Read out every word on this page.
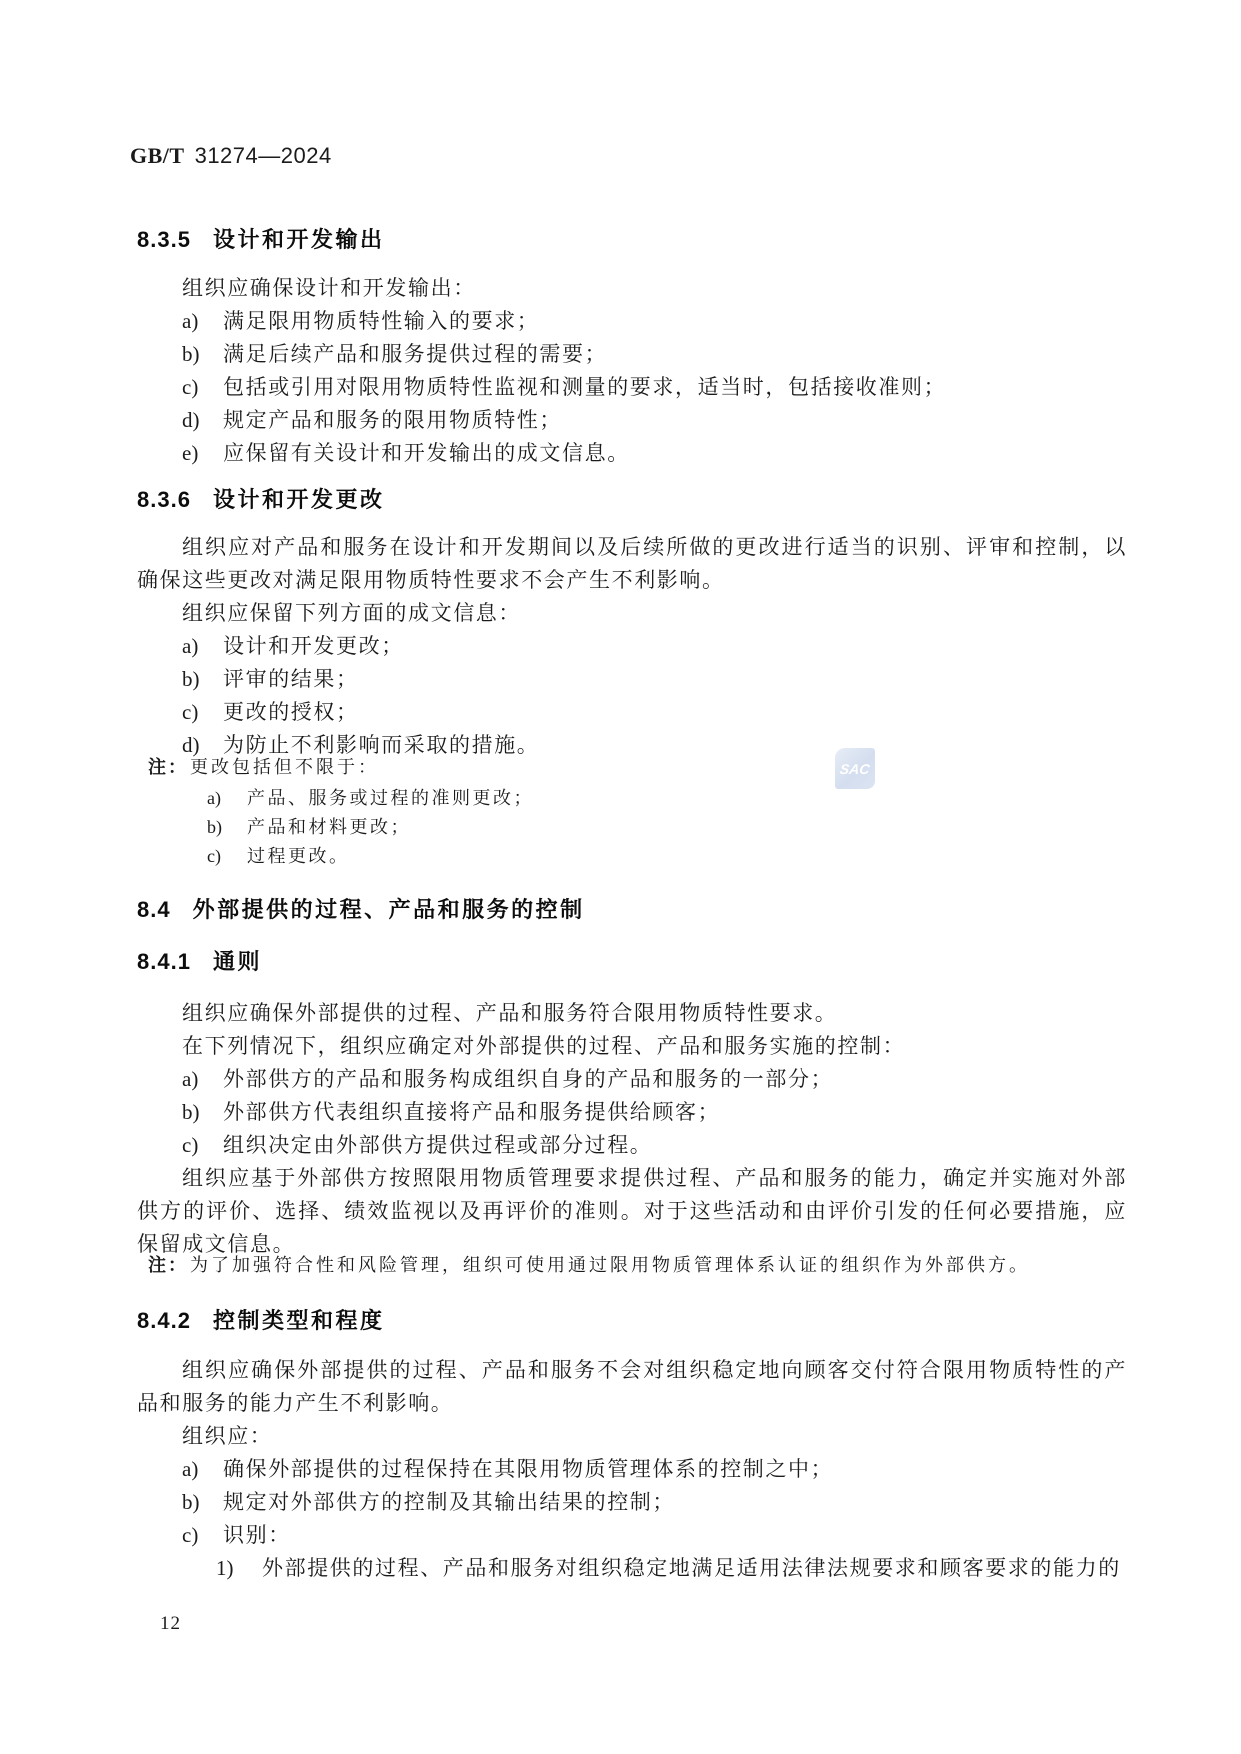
GB/T 31274—2024
8.3.5 设计和开发输出
组织应确保设计和开发输出：
a) 满足限用物质特性输入的要求；
b) 满足后续产品和服务提供过程的需要；
c) 包括或引用对限用物质特性监视和测量的要求，适当时，包括接收准则；
d) 规定产品和服务的限用物质特性；
e) 应保留有关设计和开发输出的成文信息。
8.3.6 设计和开发更改
组织应对产品和服务在设计和开发期间以及后续所做的更改进行适当的识别、评审和控制，以确保这些更改对满足限用物质特性要求不会产生不利影响。
组织应保留下列方面的成文信息：
a) 设计和开发更改；
b) 评审的结果；
c) 更改的授权；
d) 为防止不利影响而采取的措施。
注： 更改包括但不限于：
a) 产品、服务或过程的准则更改；
b) 产品和材料更改；
c) 过程更改。
8.4 外部提供的过程、产品和服务的控制
8.4.1 通则
组织应确保外部提供的过程、产品和服务符合限用物质特性要求。
在下列情况下，组织应确定对外部提供的过程、产品和服务实施的控制：
a) 外部供方的产品和服务构成组织自身的产品和服务的一部分；
b) 外部供方代表组织直接将产品和服务提供给顾客；
c) 组织决定由外部供方提供过程或部分过程。
组织应基于外部供方按照限用物质管理要求提供过程、产品和服务的能力，确定并实施对外部供方的评价、选择、绩效监视以及再评价的准则。对于这些活动和由评价引发的任何必要措施，应保留成文信息。
注： 为了加强符合性和风险管理，组织可使用通过限用物质管理体系认证的组织作为外部供方。
8.4.2 控制类型和程度
组织应确保外部提供的过程、产品和服务不会对组织稳定地向顾客交付符合限用物质特性的产品和服务的能力产生不利影响。
组织应：
a) 确保外部提供的过程保持在其限用物质管理体系的控制之中；
b) 规定对外部供方的控制及其输出结果的控制；
c) 识别：
1) 外部提供的过程、产品和服务对组织稳定地满足适用法律法规要求和顾客要求的能力的
SAC
12
